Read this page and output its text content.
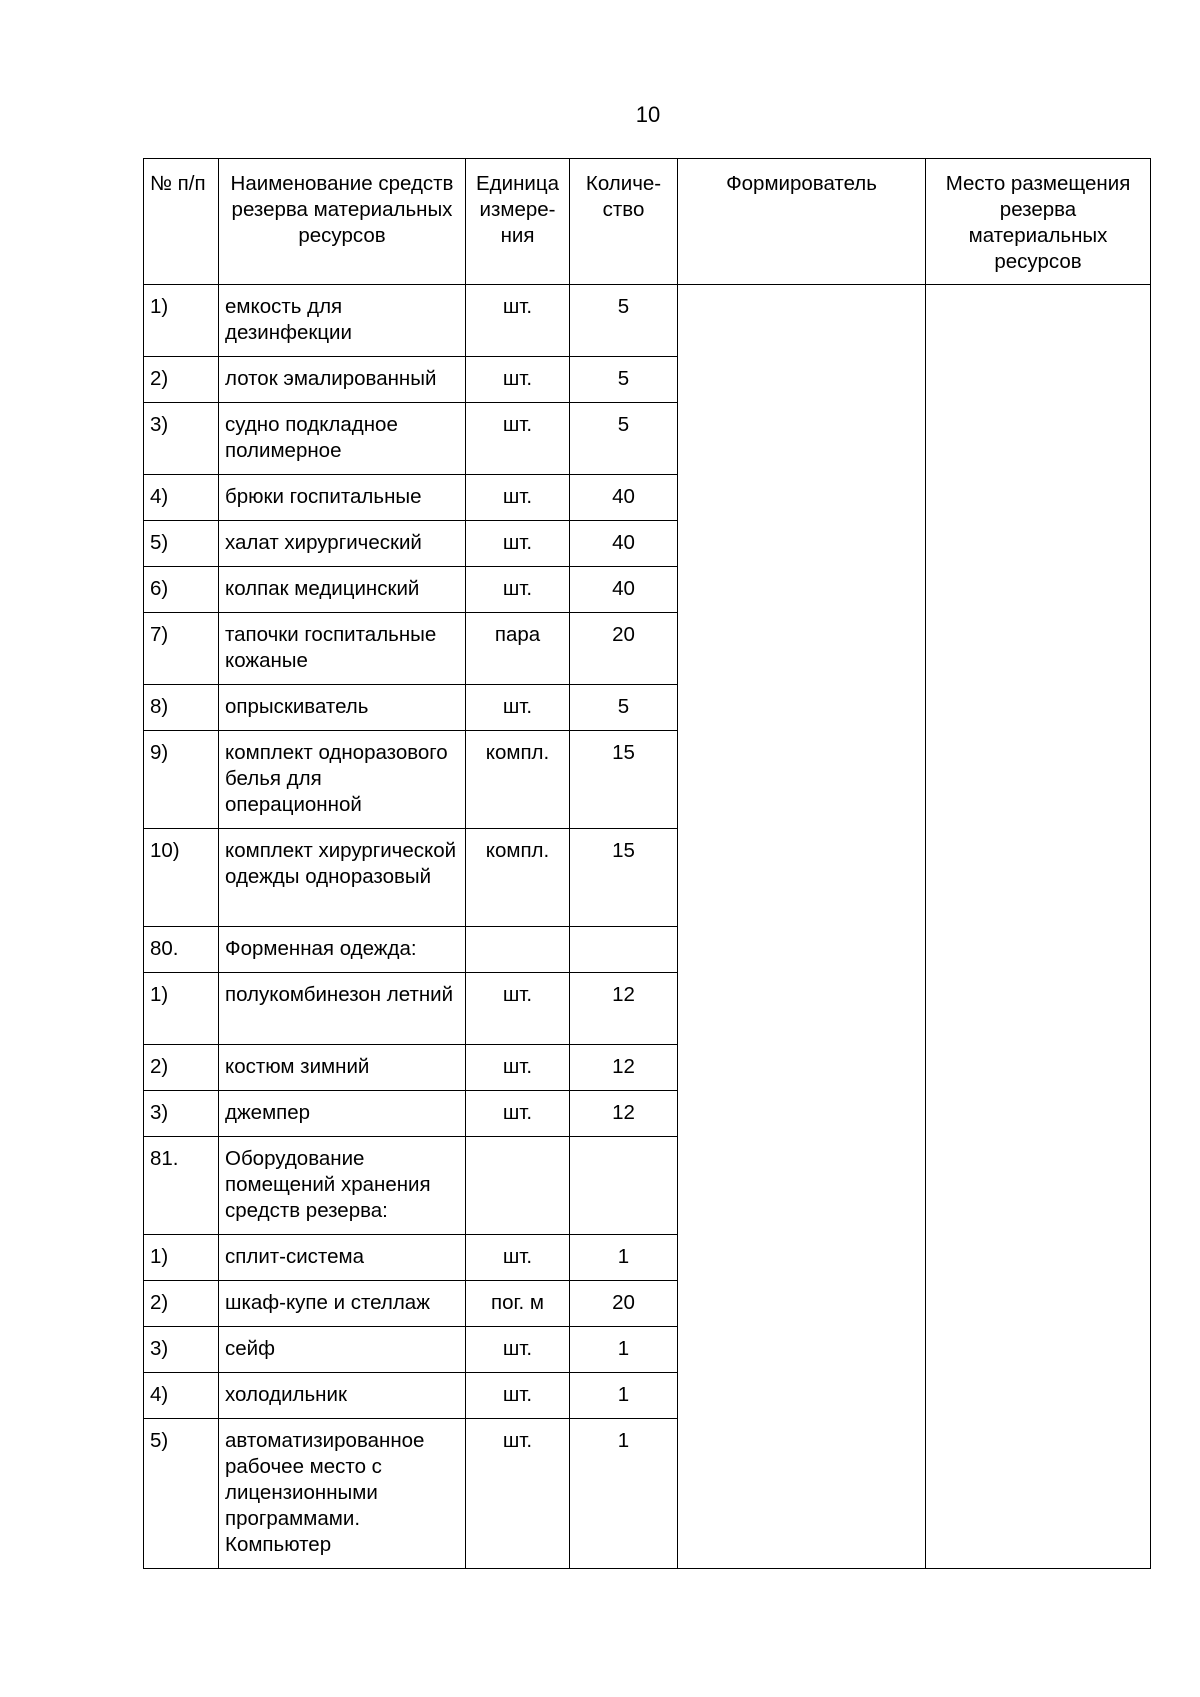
10
№ п/п	Наименование средств резерва материальных ресурсов	Единица измере-ния	Количе-ство	Формирователь	Место размещения резерва материальных ресурсов
1)	емкость для дезинфекции	шт.	5		
2)	лоток эмалированный	шт.	5		
3)	судно подкладное полимерное	шт.	5		
4)	брюки госпитальные	шт.	40		
5)	халат хирургический	шт.	40		
6)	колпак медицинский	шт.	40		
7)	тапочки госпитальные кожаные	пара	20		
8)	опрыскиватель	шт.	5		
9)	комплект одноразового белья для операционной	компл.	15		
10)	комплект хирургической одежды одноразовый	компл.	15		
80.	Форменная одежда:				
1)	полукомбинезон летний	шт.	12		
2)	костюм зимний	шт.	12		
3)	джемпер	шт.	12		
81.	Оборудование помещений хранения средств резерва:				
1)	сплит-система	шт.	1		
2)	шкаф-купе и стеллаж	пог. м	20		
3)	сейф	шт.	1		
4)	холодильник	шт.	1		
5)	автоматизированное рабочее место с лицензионными программами. Компьютер	шт.	1		
